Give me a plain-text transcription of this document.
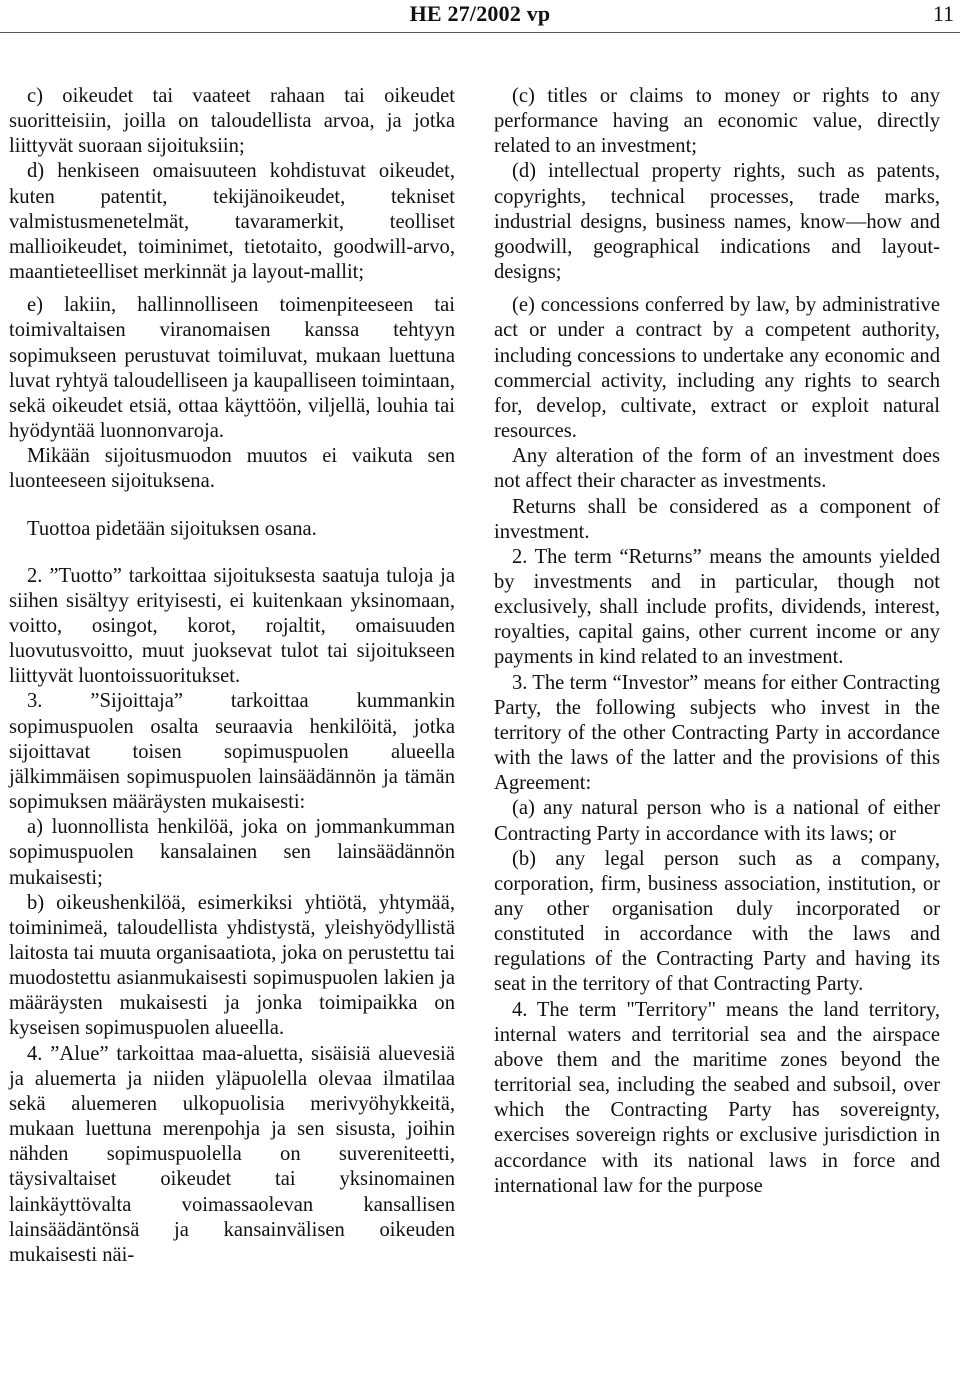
HE 27/2002 vp	11

c) oikeudet tai vaateet rahaan tai oikeudet suoritteisiin, joilla on taloudellista arvoa, ja jotka liittyvät suoraan sijoituksiin;

d) henkiseen omaisuuteen kohdistuvat oikeudet, kuten patentit, tekijänoikeudet, tekniset valmistusmenetelmät, tavaramerkit, teolliset mallioikeudet, toiminimet, tietotaito, goodwill-arvo, maantieteelliset merkinnät ja layout-mallit;

e) lakiin, hallinnolliseen toimenpiteeseen tai toimivaltaisen viranomaisen kanssa tehtyyn sopimukseen perustuvat toimiluvat, mukaan luettuna luvat ryhtyä taloudelliseen ja kaupalliseen toimintaan, sekä oikeudet etsiä, ottaa käyttöön, viljellä, louhia tai hyödyntää luonnonvaroja.

Mikään sijoitusmuodon muutos ei vaikuta sen luonteeseen sijoituksena.

Tuottoa pidetään sijoituksen osana.

2. ”Tuotto” tarkoittaa sijoituksesta saatuja tuloja ja siihen sisältyy erityisesti, ei kuitenkaan yksinomaan, voitto, osingot, korot, rojaltit, omaisuuden luovutusvoitto, muut juoksevat tulot tai sijoitukseen liittyvät luontoissuoritukset.

3. ”Sijoittaja” tarkoittaa kummankin sopimuspuolen osalta seuraavia henkilöitä, jotka sijoittavat toisen sopimuspuolen alueella jälkimmäisen sopimuspuolen lainsäädännön ja tämän sopimuksen määräysten mukaisesti:

a) luonnollista henkilöä, joka on jommankumman sopimuspuolen kansalainen sen lainsäädännön mukaisesti;

b) oikeushenkilöä, esimerkiksi yhtiötä, yhtymää, toiminimeä, taloudellista yhdistystä, yleishyödyllistä laitosta tai muuta organisaatiota, joka on perustettu tai muodostettu asianmukaisesti sopimuspuolen lakien ja määräysten mukaisesti ja jonka toimipaikka on kyseisen sopimuspuolen alueella.

4. ”Alue” tarkoittaa maa-aluetta, sisäisiä aluevesiä ja aluemerta ja niiden yläpuolella olevaa ilmatilaa sekä aluemeren ulkopuolisia merivyöhykkeitä, mukaan luettuna merenpohja ja sen sisusta, joihin nähden sopimuspuolella on suvereniteetti, täysivaltaiset oikeudet tai yksinomainen lainkäyttövalta voimassaolevan kansallisen lainsäädäntönsä ja kansainvälisen oikeuden mukaisesti näi-

(c) titles or claims to money or rights to any performance having an economic value, directly related to an investment;

(d) intellectual property rights, such as patents, copyrights, technical processes, trade marks, industrial designs, business names, know—how and goodwill, geographical indications and layout-designs;

(e) concessions conferred by law, by administrative act or under a contract by a competent authority, including concessions to undertake any economic and commercial activity, including any rights to search for, develop, cultivate, extract or exploit natural resources.

Any alteration of the form of an investment does not affect their character as investments.

Returns shall be considered as a component of investment.

2. The term “Returns” means the amounts yielded by investments and in particular, though not exclusively, shall include profits, dividends, interest, royalties, capital gains, other current income or any payments in kind related to an investment.

3. The term “Investor” means for either Contracting Party, the following subjects who invest in the territory of the other Contracting Party in accordance with the laws of the latter and the provisions of this Agreement:

(a) any natural person who is a national of either Contracting Party in accordance with its laws; or

(b) any legal person such as a company, corporation, firm, business association, institution, or any other organisation duly incorporated or constituted in accordance with the laws and regulations of the Contracting Party and having its seat in the territory of that Contracting Party.

4. The term "Territory" means the land territory, internal waters and territorial sea and the airspace above them and the maritime zones beyond the territorial sea, including the seabed and subsoil, over which the Contracting Party has sovereignty, exercises sovereign rights or exclusive jurisdiction in accordance with its national laws in force and international law for the purpose
